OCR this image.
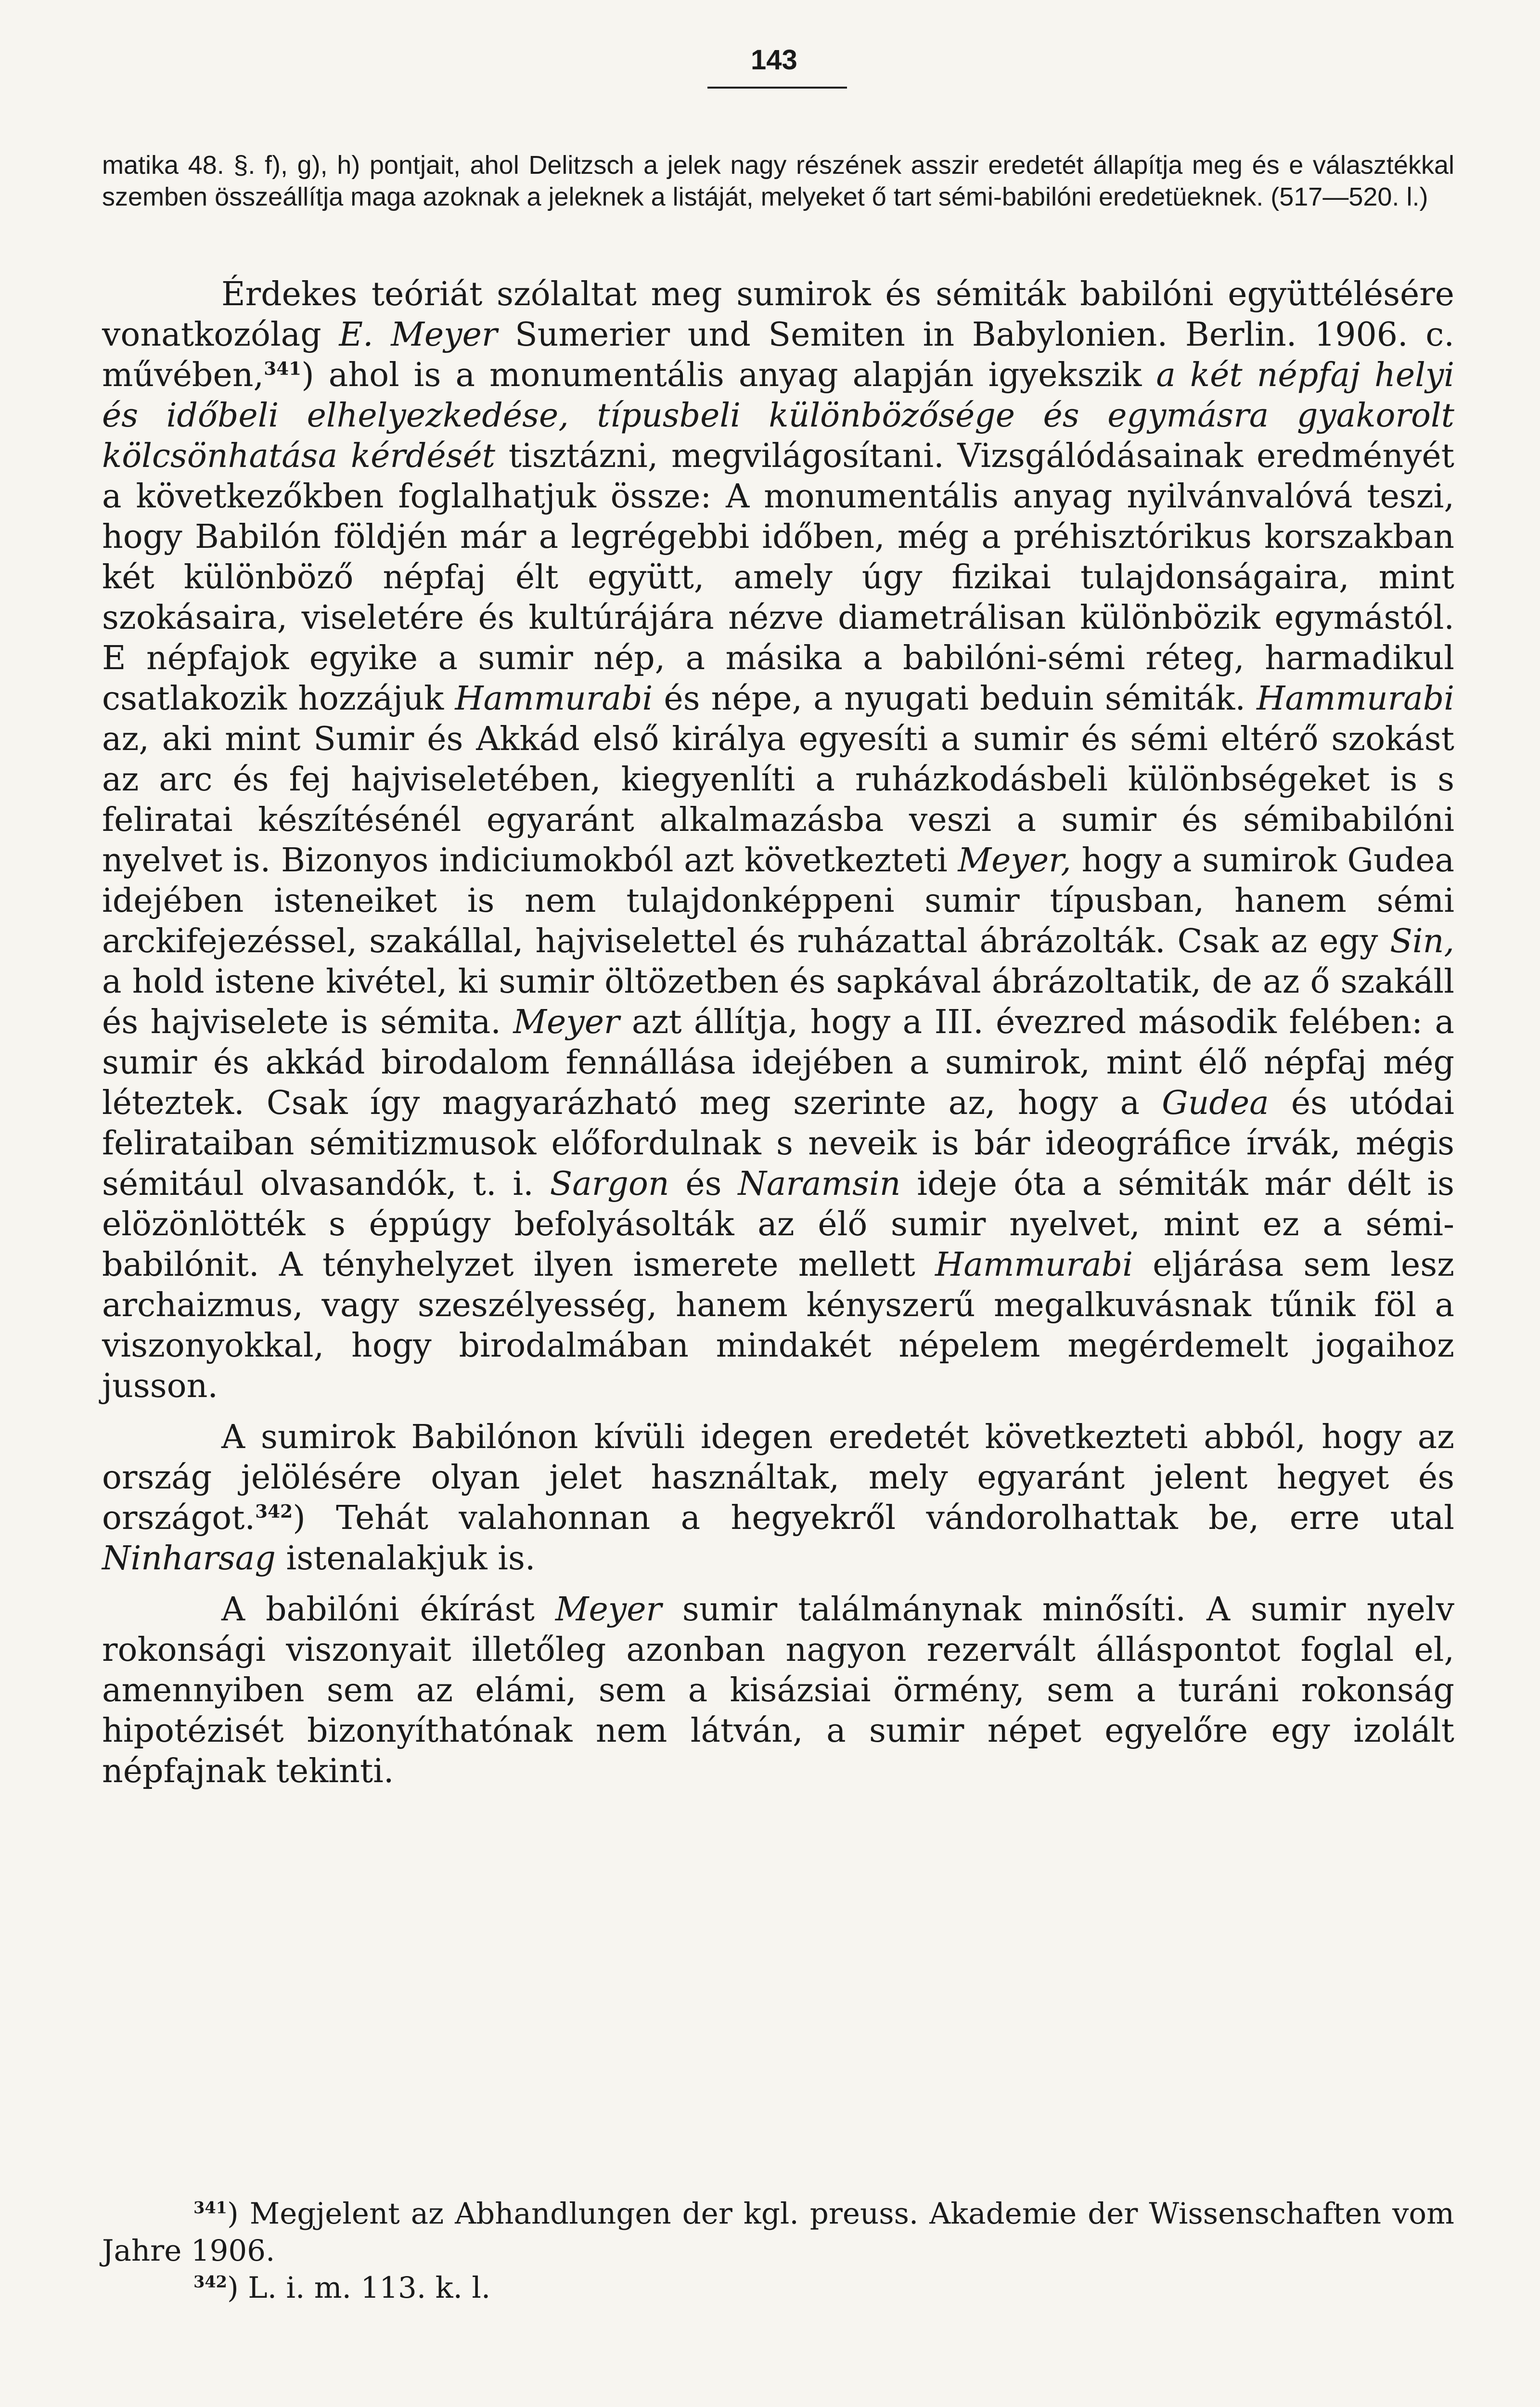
143
matika 48. §. f), g), h) pontjait, ahol Delitzsch a jelek nagy részének asszir eredetét állapítja meg és e választékkal szemben összeállítja maga azoknak a jeleknek a listáját, melyeket ő tart sémi-babilóni eredetüeknek. (517—520. l.)

Érdekes teóriát szólaltat meg sumirok és sémiták babilóni együttélésére vonatkozólag E. Meyer Sumerier und Semiten in Babylonien. Berlin. 1906. c. művében,$^{341}$) ahol is a monumentális anyag alapján igyekszik a két népfaj helyi és időbeli elhelyezkedése, típusbeli különbözősége és egymásra gyakorolt kölcsönhatása kérdését tisztázni, megvilágosítani. Vizsgálódásainak eredményét a következőkben foglalhatjuk össze: A monumentális anyag nyilvánvalóvá teszi, hogy Babilón földjén már a legrégebbi időben, még a préhisztórikus korszakban két különböző népfaj élt együtt, amely úgy fizikai tulajdonságaira, mint szokásaira, viseletére és kultúrájára nézve diametrálisan különbözik egymástól. E népfajok egyike a sumir nép, a másika a babilóni-sémi réteg, harmadikul csatlakozik hozzájuk Hammurabi és népe, a nyugati beduin sémiták. Hammurabi az, aki mint Sumir és Akkád első királya egyesíti a sumir és sémi eltérő szokást az arc és fej hajviseletében, kiegyenlíti a ruházkodásbeli különbségeket is s feliratai készítésénél egyaránt alkalmazásba veszi a sumir és sémibabilóni nyelvet is. Bizonyos indiciumokból azt következteti Meyer, hogy a sumirok Gudea idejében isteneiket is nem tulajdonképpeni sumir típusban, hanem sémi arckifejezéssel, szakállal, hajviselettel és ruházattal ábrázolták. Csak az egy Sin, a hold istene kivétel, ki sumir öltözetben és sapkával ábrázoltatik, de az ő szakáll és hajviselete is sémita. Meyer azt állítja, hogy a III. évezred második felében: a sumir és akkád birodalom fennállása idejében a sumirok, mint élő népfaj még léteztek. Csak így magyarázható meg szerinte az, hogy a Gudea és utódai felirataiban sémitizmusok előfordulnak s neveik is bár ideográfice írvák, mégis sémitául olvasandók, t. i. Sargon és Naramsin ideje óta a sémiták már délt is elözönlötték s éppúgy befolyásolták az élő sumir nyelvet, mint ez a sémi-babilónit. A tényhelyzet ilyen ismerete mellett Hammurabi eljárása sem lesz archaizmus, vagy szeszélyesség, hanem kényszerű megalkuvásnak tűnik föl a viszonyokkal, hogy birodalmában mindakét népelem megérdemelt jogaihoz jusson.

A sumirok Babilónon kívüli idegen eredetét következteti abból, hogy az ország jelölésére olyan jelet használtak, mely egyaránt jelent hegyet és országot.$^{342}$) Tehát valahonnan a hegyekről vándorolhattak be, erre utal Ninharsag istenalakjuk is.

A babilóni ékírást Meyer sumir találmánynak minősíti. A sumir nyelv rokonsági viszonyait illetőleg azonban nagyon rezervált álláspontot foglal el, amennyiben sem az elámi, sem a kisázsiai örmény, sem a turáni rokonság hipotézisét bizonyíthatónak nem látván, a sumir népet egyelőre egy izolált népfajnak tekinti.

$^{341}$) Megjelent az Abhandlungen der kgl. preuss. Akademie der Wissenschaften vom Jahre 1906.

$^{342}$) L. i. m. 113. k. l.
